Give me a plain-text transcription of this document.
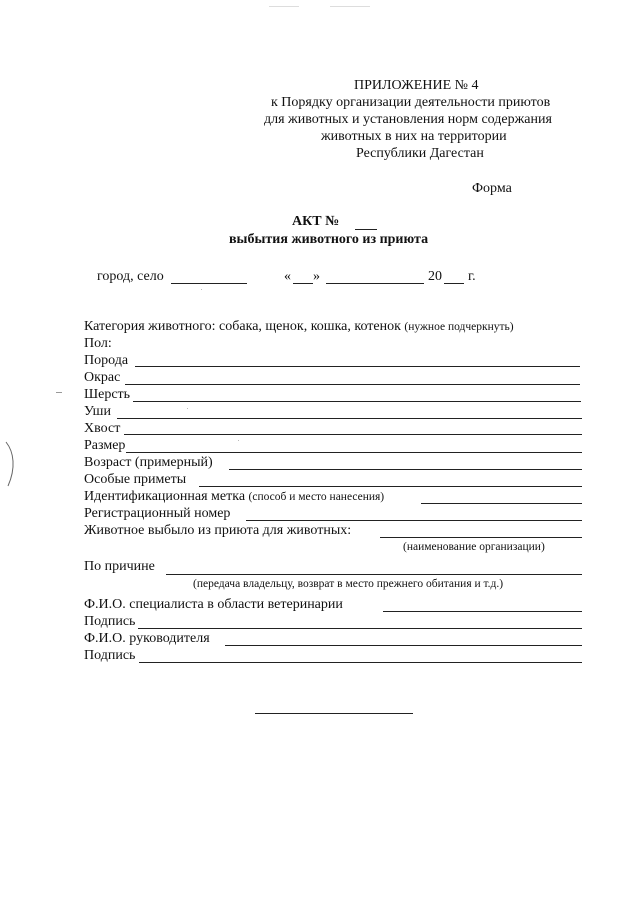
ПРИЛОЖЕНИЕ № 4
к Порядку организации деятельности приютов
для животных и установления норм содержания
животных в них на территории
Республики Дагестан
Форма
АКТ №
выбытия животного из приюта
город, село	« »	20 г.
Категория животного: собака, щенок, кошка, котенок (нужное подчеркнуть)
Пол:
Порода
Окрас
Шерсть
Уши
Хвост
Размер
Возраст (примерный)
Особые приметы
Идентификационная метка (способ и место нанесения)
Регистрационный номер
Животное выбыло из приюта для животных:
(наименование организации)
По причине
(передача владельцу, возврат в место прежнего обитания и т.д.)
Ф.И.О. специалиста в области ветеринарии
Подпись
Ф.И.О. руководителя
Подпись
